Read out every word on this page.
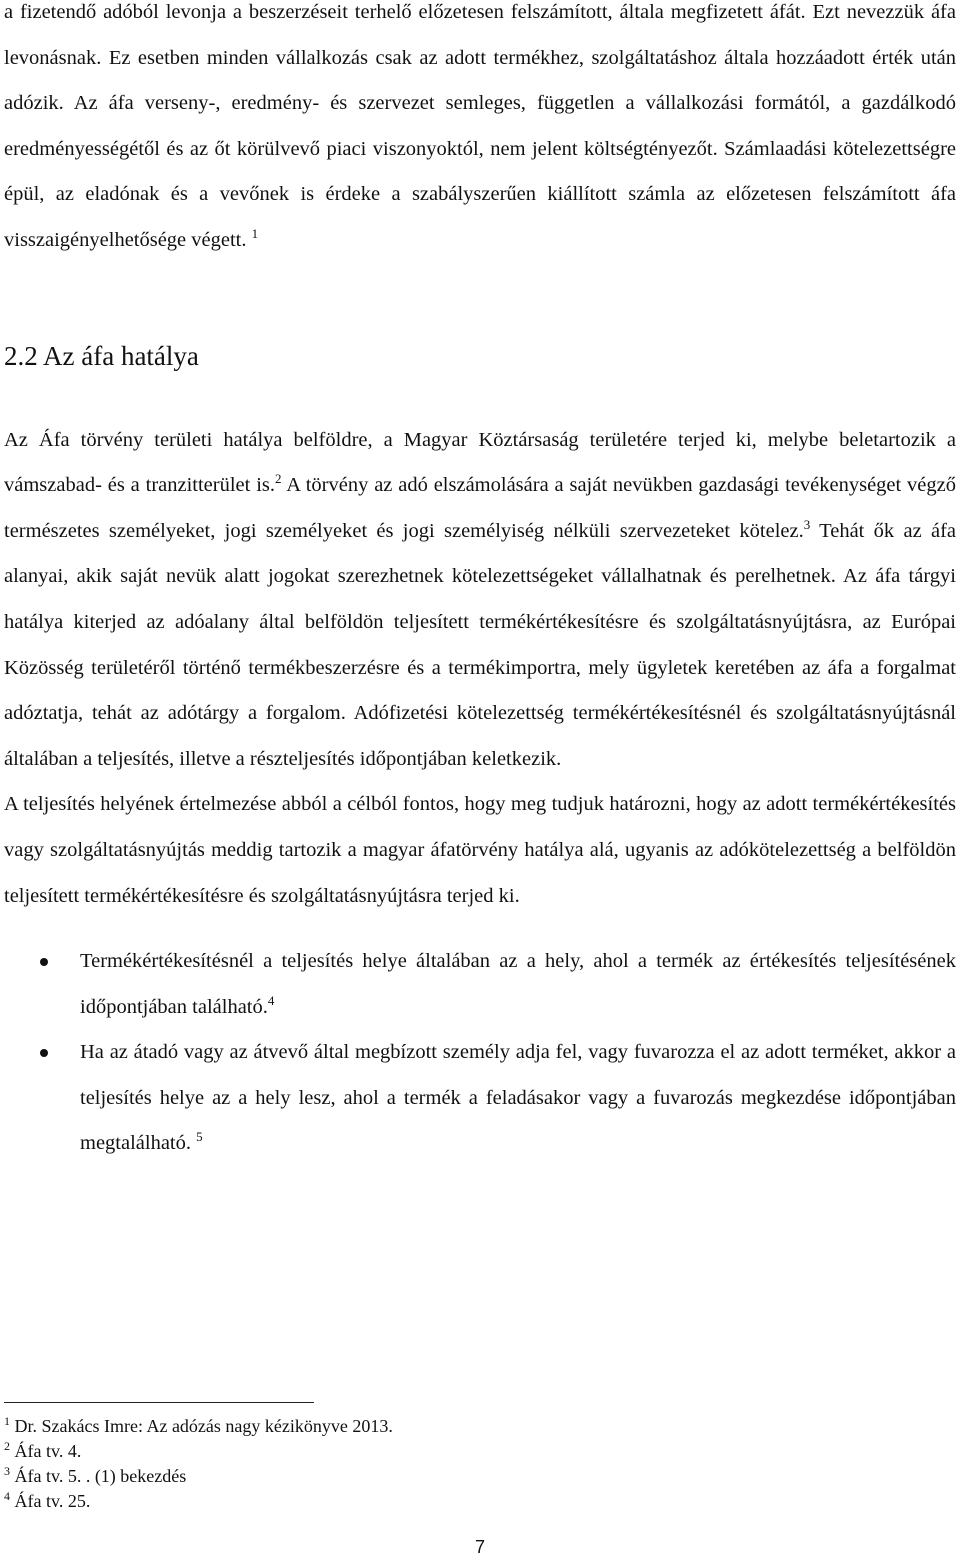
a fizetendő adóból levonja a beszerzéseit terhelő előzetesen felszámított, általa megfizetett áfát. Ezt nevezzük áfa levonásnak. Ez esetben minden vállalkozás csak az adott termékhez, szolgáltatáshoz általa hozzáadott érték után adózik. Az áfa verseny-, eredmény- és szervezet semleges, független a vállalkozási formától, a gazdálkodó eredményességétől és az őt körülvevő piaci viszonyoktól, nem jelent költségtényezőt. Számlaadási kötelezettségre épül, az eladónak és a vevőnek is érdeke a szabályszerűen kiállított számla az előzetesen felszámított áfa visszaigényelhetősége végett. $^1$

2.2 Az áfa hatálya

Az Áfa törvény területi hatálya belföldre, a Magyar Köztársaság területére terjed ki, melybe beletartozik a vámszabad- és a tranzitterület is.$^2$ A törvény az adó elszámolására a saját nevükben gazdasági tevékenységet végző természetes személyeket, jogi személyeket és jogi személyiség nélküli szervezeteket kötelez.$^3$ Tehát ők az áfa alanyai, akik saját nevük alatt jogokat szerezhetnek kötelezettségeket vállalhatnak és perelhetnek. Az áfa tárgyi hatálya kiterjed az adóalany által belföldön teljesített termékértékesítésre és szolgáltatásnyújtásra, az Európai Közösség területéről történő termékbeszerzésre és a termékimportra, mely ügyletek keretében az áfa a forgalmat adóztatja, tehát az adótárgy a forgalom. Adófizetési kötelezettség termékértékesítésnél és szolgáltatásnyújtásnál általában a teljesítés, illetve a részteljesítés időpontjában keletkezik.

A teljesítés helyének értelmezése abból a célból fontos, hogy meg tudjuk határozni, hogy az adott termékértékesítés vagy szolgáltatásnyújtás meddig tartozik a magyar áfatörvény hatálya alá, ugyanis az adókötelezettség a belföldön teljesített termékértékesítésre és szolgáltatásnyújtásra terjed ki.

Termékértékesítésnél a teljesítés helye általában az a hely, ahol a termék az értékesítés teljesítésének időpontjában található.$^4$
Ha az átadó vagy az átvevő által megbízott személy adja fel, vagy fuvarozza el az adott terméket, akkor a teljesítés helye az a hely lesz, ahol a termék a feladásakor vagy a fuvarozás megkezdése időpontjában megtalálható. $^5$
$^1$ Dr. Szakács Imre: Az adózás nagy kézikönyve 2013.
$^2$ Áfa tv. 4.
$^3$ Áfa tv. 5. . (1) bekezdés
$^4$ Áfa tv. 25.
7
